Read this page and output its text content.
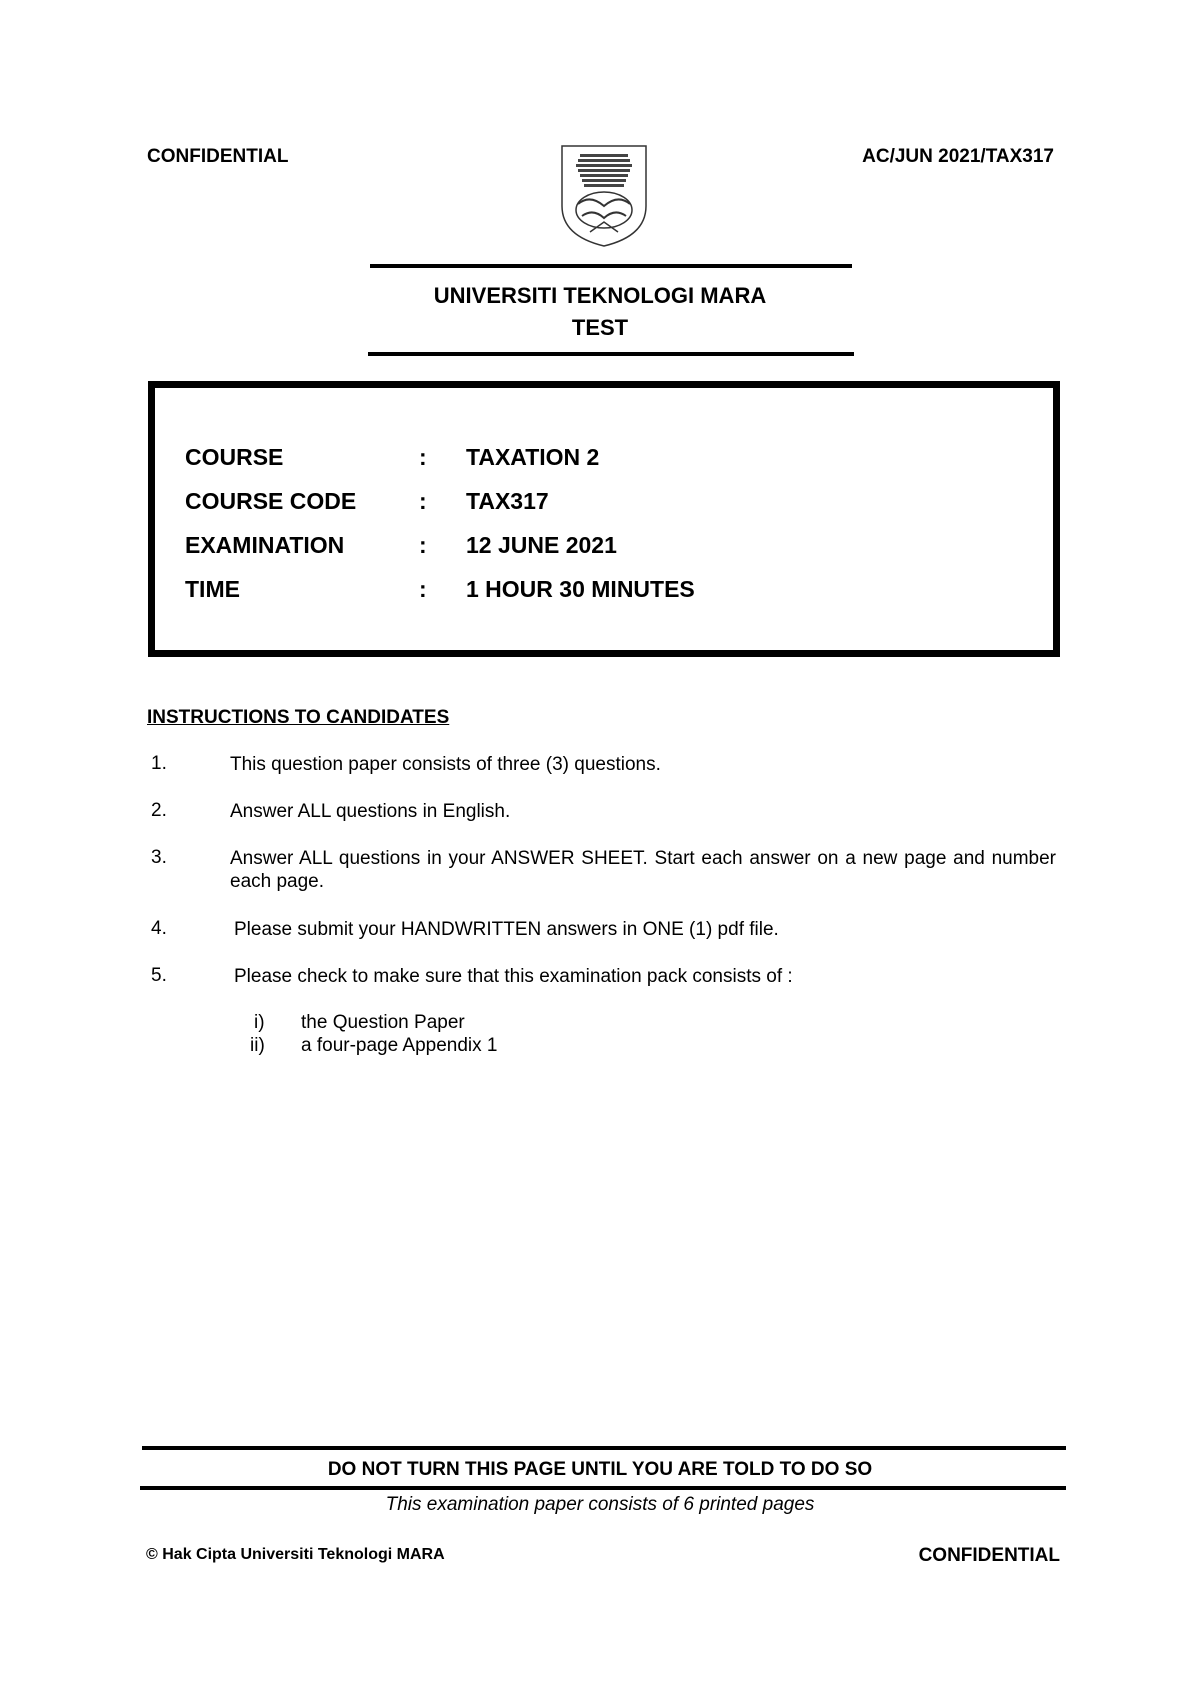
CONFIDENTIAL	AC/JUN 2021/TAX317
UNIVERSITI TEKNOLOGI MARA
TEST
COURSE	: TAXATION 2
COURSE CODE	: TAX317
EXAMINATION	: 12 JUNE 2021
TIME	: 1 HOUR 30 MINUTES
INSTRUCTIONS TO CANDIDATES
1.	This question paper consists of three (3) questions.
2.	Answer ALL questions in English.
3.	Answer ALL questions in your ANSWER SHEET. Start each answer on a new page and number each page.
4.	Please submit your HANDWRITTEN answers in ONE (1) pdf file.
5.	Please check to make sure that this examination pack consists of :
i) the Question Paper
ii) a four-page Appendix 1
DO NOT TURN THIS PAGE UNTIL YOU ARE TOLD TO DO SO
This examination paper consists of 6 printed pages
© Hak Cipta Universiti Teknologi MARA	CONFIDENTIAL
